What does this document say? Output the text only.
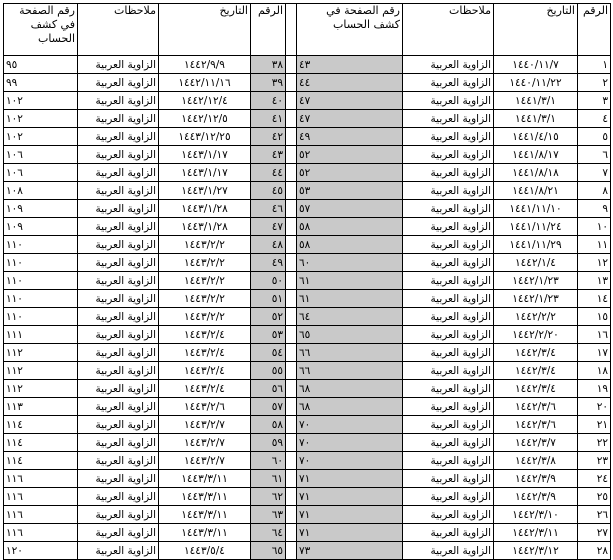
الرقم	التاريخ	ملاحظات	رقم الصفحة في كشف الحساب		الرقم	التاريخ	ملاحظات	رقم الصفحة في كشف الحساب
١	١٤٤٠/١١/٧	الزاوية العربية	٤٣		٣٨	١٤٤٢/٩/٩	الزاوية العربية	٩٥
٢	١٤٤٠/١١/٢٢	الزاوية العربية	٤٤		٣٩	١٤٤٢/١١/١٦	الزاوية العربية	٩٩
٣	١٤٤١/٣/١	الزاوية العربية	٤٧		٤٠	١٤٤٢/١٢/٤	الزاوية العربية	١٠٢
٤	١٤٤١/٣/١	الزاوية العربية	٤٧		٤١	١٤٤٢/١٢/٥	الزاوية العربية	١٠٢
٥	١٤٤١/٤/١٥	الزاوية العربية	٤٩		٤٢	١٤٤٣/١٢/٢٥	الزاوية العربية	١٠٢
٦	١٤٤١/٨/١٧	الزاوية العربية	٥٢		٤٣	١٤٤٣/١/١٧	الزاوية العربية	١٠٦
٧	١٤٤١/٨/١٨	الزاوية العربية	٥٢		٤٤	١٤٤٣/١/١٧	الزاوية العربية	١٠٦
٨	١٤٤١/٨/٢١	الزاوية العربية	٥٣		٤٥	١٤٤٣/١/٢٧	الزاوية العربية	١٠٨
٩	١٤٤١/١١/١٠	الزاوية العربية	٥٧		٤٦	١٤٤٣/١/٢٨	الزاوية العربية	١٠٩
١٠	١٤٤١/١١/٢٤	الزاوية العربية	٥٨		٤٧	١٤٤٣/١/٢٨	الزاوية العربية	١٠٩
١١	١٤٤١/١١/٢٩	الزاوية العربية	٥٨		٤٨	١٤٤٣/٢/٢	الزاوية العربية	١١٠
١٢	١٤٤٢/١/٤	الزاوية العربية	٦٠		٤٩	١٤٤٣/٢/٢	الزاوية العربية	١١٠
١٣	١٤٤٢/١/٢٣	الزاوية العربية	٦١		٥٠	١٤٤٣/٢/٢	الزاوية العربية	١١٠
١٤	١٤٤٢/١/٢٣	الزاوية العربية	٦١		٥١	١٤٤٣/٢/٢	الزاوية العربية	١١٠
١٥	١٤٤٢/٢/٢	الزاوية العربية	٦٤		٥٢	١٤٤٣/٢/٢	الزاوية العربية	١١٠
١٦	١٤٤٢/٢/٢٠	الزاوية العربية	٦٥		٥٣	١٤٤٣/٢/٤	الزاوية العربية	١١١
١٧	١٤٤٢/٣/٤	الزاوية العربية	٦٦		٥٤	١٤٤٣/٢/٤	الزاوية العربية	١١٢
١٨	١٤٤٢/٣/٤	الزاوية العربية	٦٦		٥٥	١٤٤٣/٢/٤	الزاوية العربية	١١٢
١٩	١٤٤٢/٣/٤	الزاوية العربية	٦٨		٥٦	١٤٤٣/٢/٤	الزاوية العربية	١١٢
٢٠	١٤٤٢/٣/٦	الزاوية العربية	٦٨		٥٧	١٤٤٣/٢/٦	الزاوية العربية	١١٣
٢١	١٤٤٢/٣/٦	الزاوية العربية	٧٠		٥٨	١٤٤٣/٢/٧	الزاوية العربية	١١٤
٢٢	١٤٤٢/٣/٧	الزاوية العربية	٧٠		٥٩	١٤٤٣/٢/٧	الزاوية العربية	١١٤
٢٣	١٤٤٢/٣/٨	الزاوية العربية	٧٠		٦٠	١٤٤٣/٢/٧	الزاوية العربية	١١٤
٢٤	١٤٤٢/٣/٩	الزاوية العربية	٧١		٦١	١٤٤٣/٣/١١	الزاوية العربية	١١٦
٢٥	١٤٤٢/٣/٩	الزاوية العربية	٧١		٦٢	١٤٤٣/٣/١١	الزاوية العربية	١١٦
٢٦	١٤٤٢/٣/١٠	الزاوية العربية	٧١		٦٣	١٤٤٣/٣/١١	الزاوية العربية	١١٦
٢٧	١٤٤٢/٣/١١	الزاوية العربية	٧١		٦٤	١٤٤٣/٣/١١	الزاوية العربية	١١٦
٢٨	١٤٤٢/٣/١٢	الزاوية العربية	٧٣		٦٥	١٤٤٣/٥/٤	الزاوية العربية	١٢٠
